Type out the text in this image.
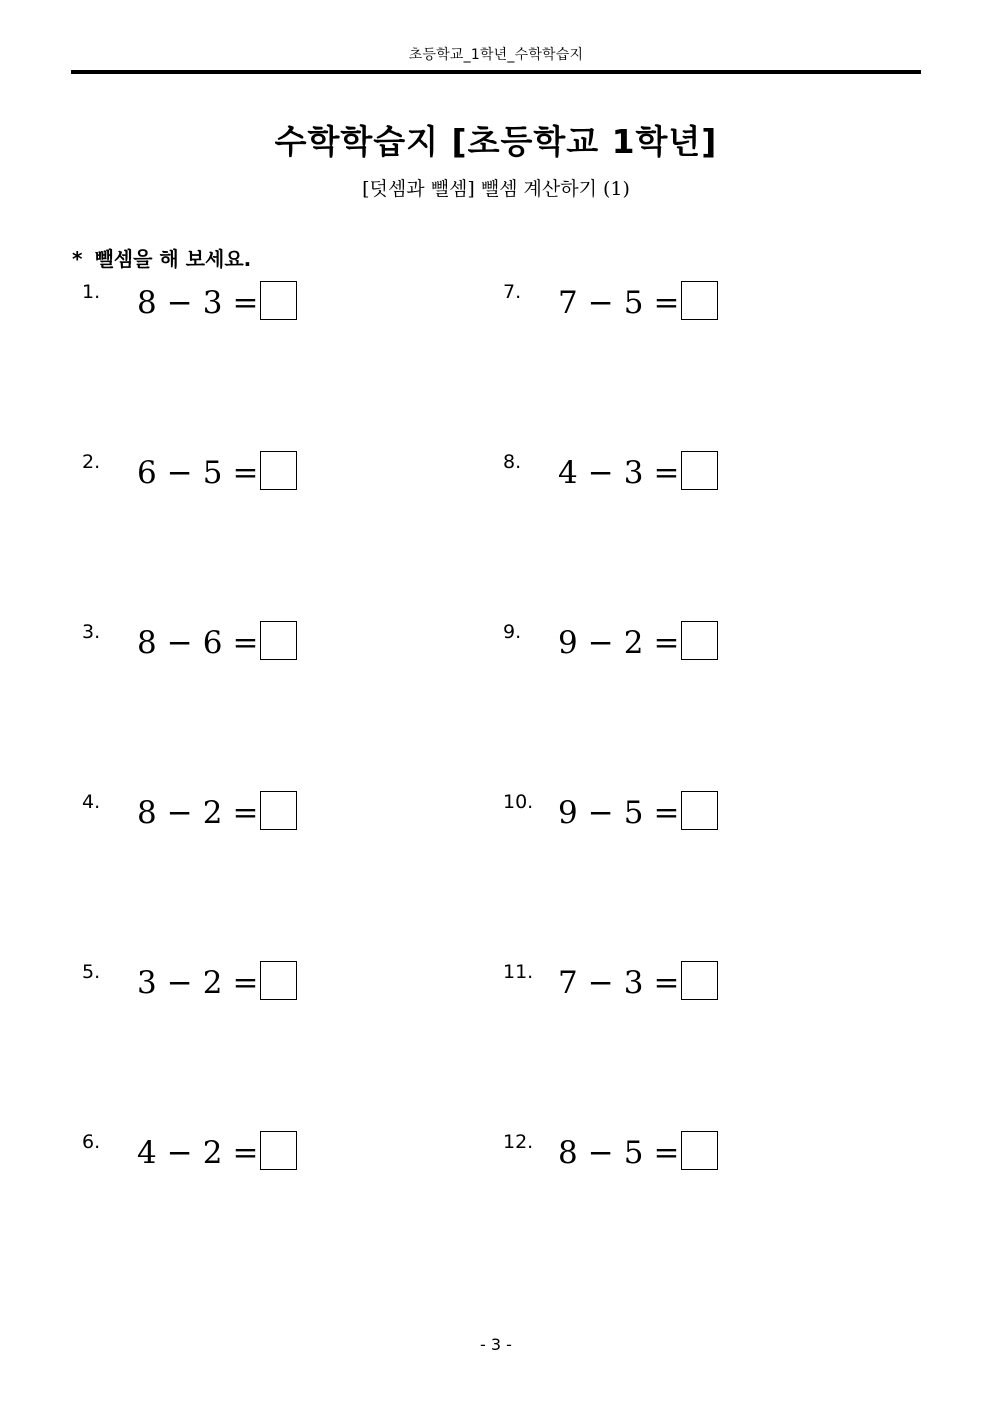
초등학교_1학년_수학학습지
수학학습지 [초등학교 1학년]
[덧셈과 뺄셈] 뺄셈 계산하기 (1)
* 뺄셈을 해 보세요.
1. 8 − 3 =
2. 6 − 5 =
3. 8 − 6 =
4. 8 − 2 =
5. 3 − 2 =
6. 4 − 2 =
7. 7 − 5 =
8. 4 − 3 =
9. 9 − 2 =
10. 9 − 5 =
11. 7 − 3 =
12. 8 − 5 =
- 3 -
